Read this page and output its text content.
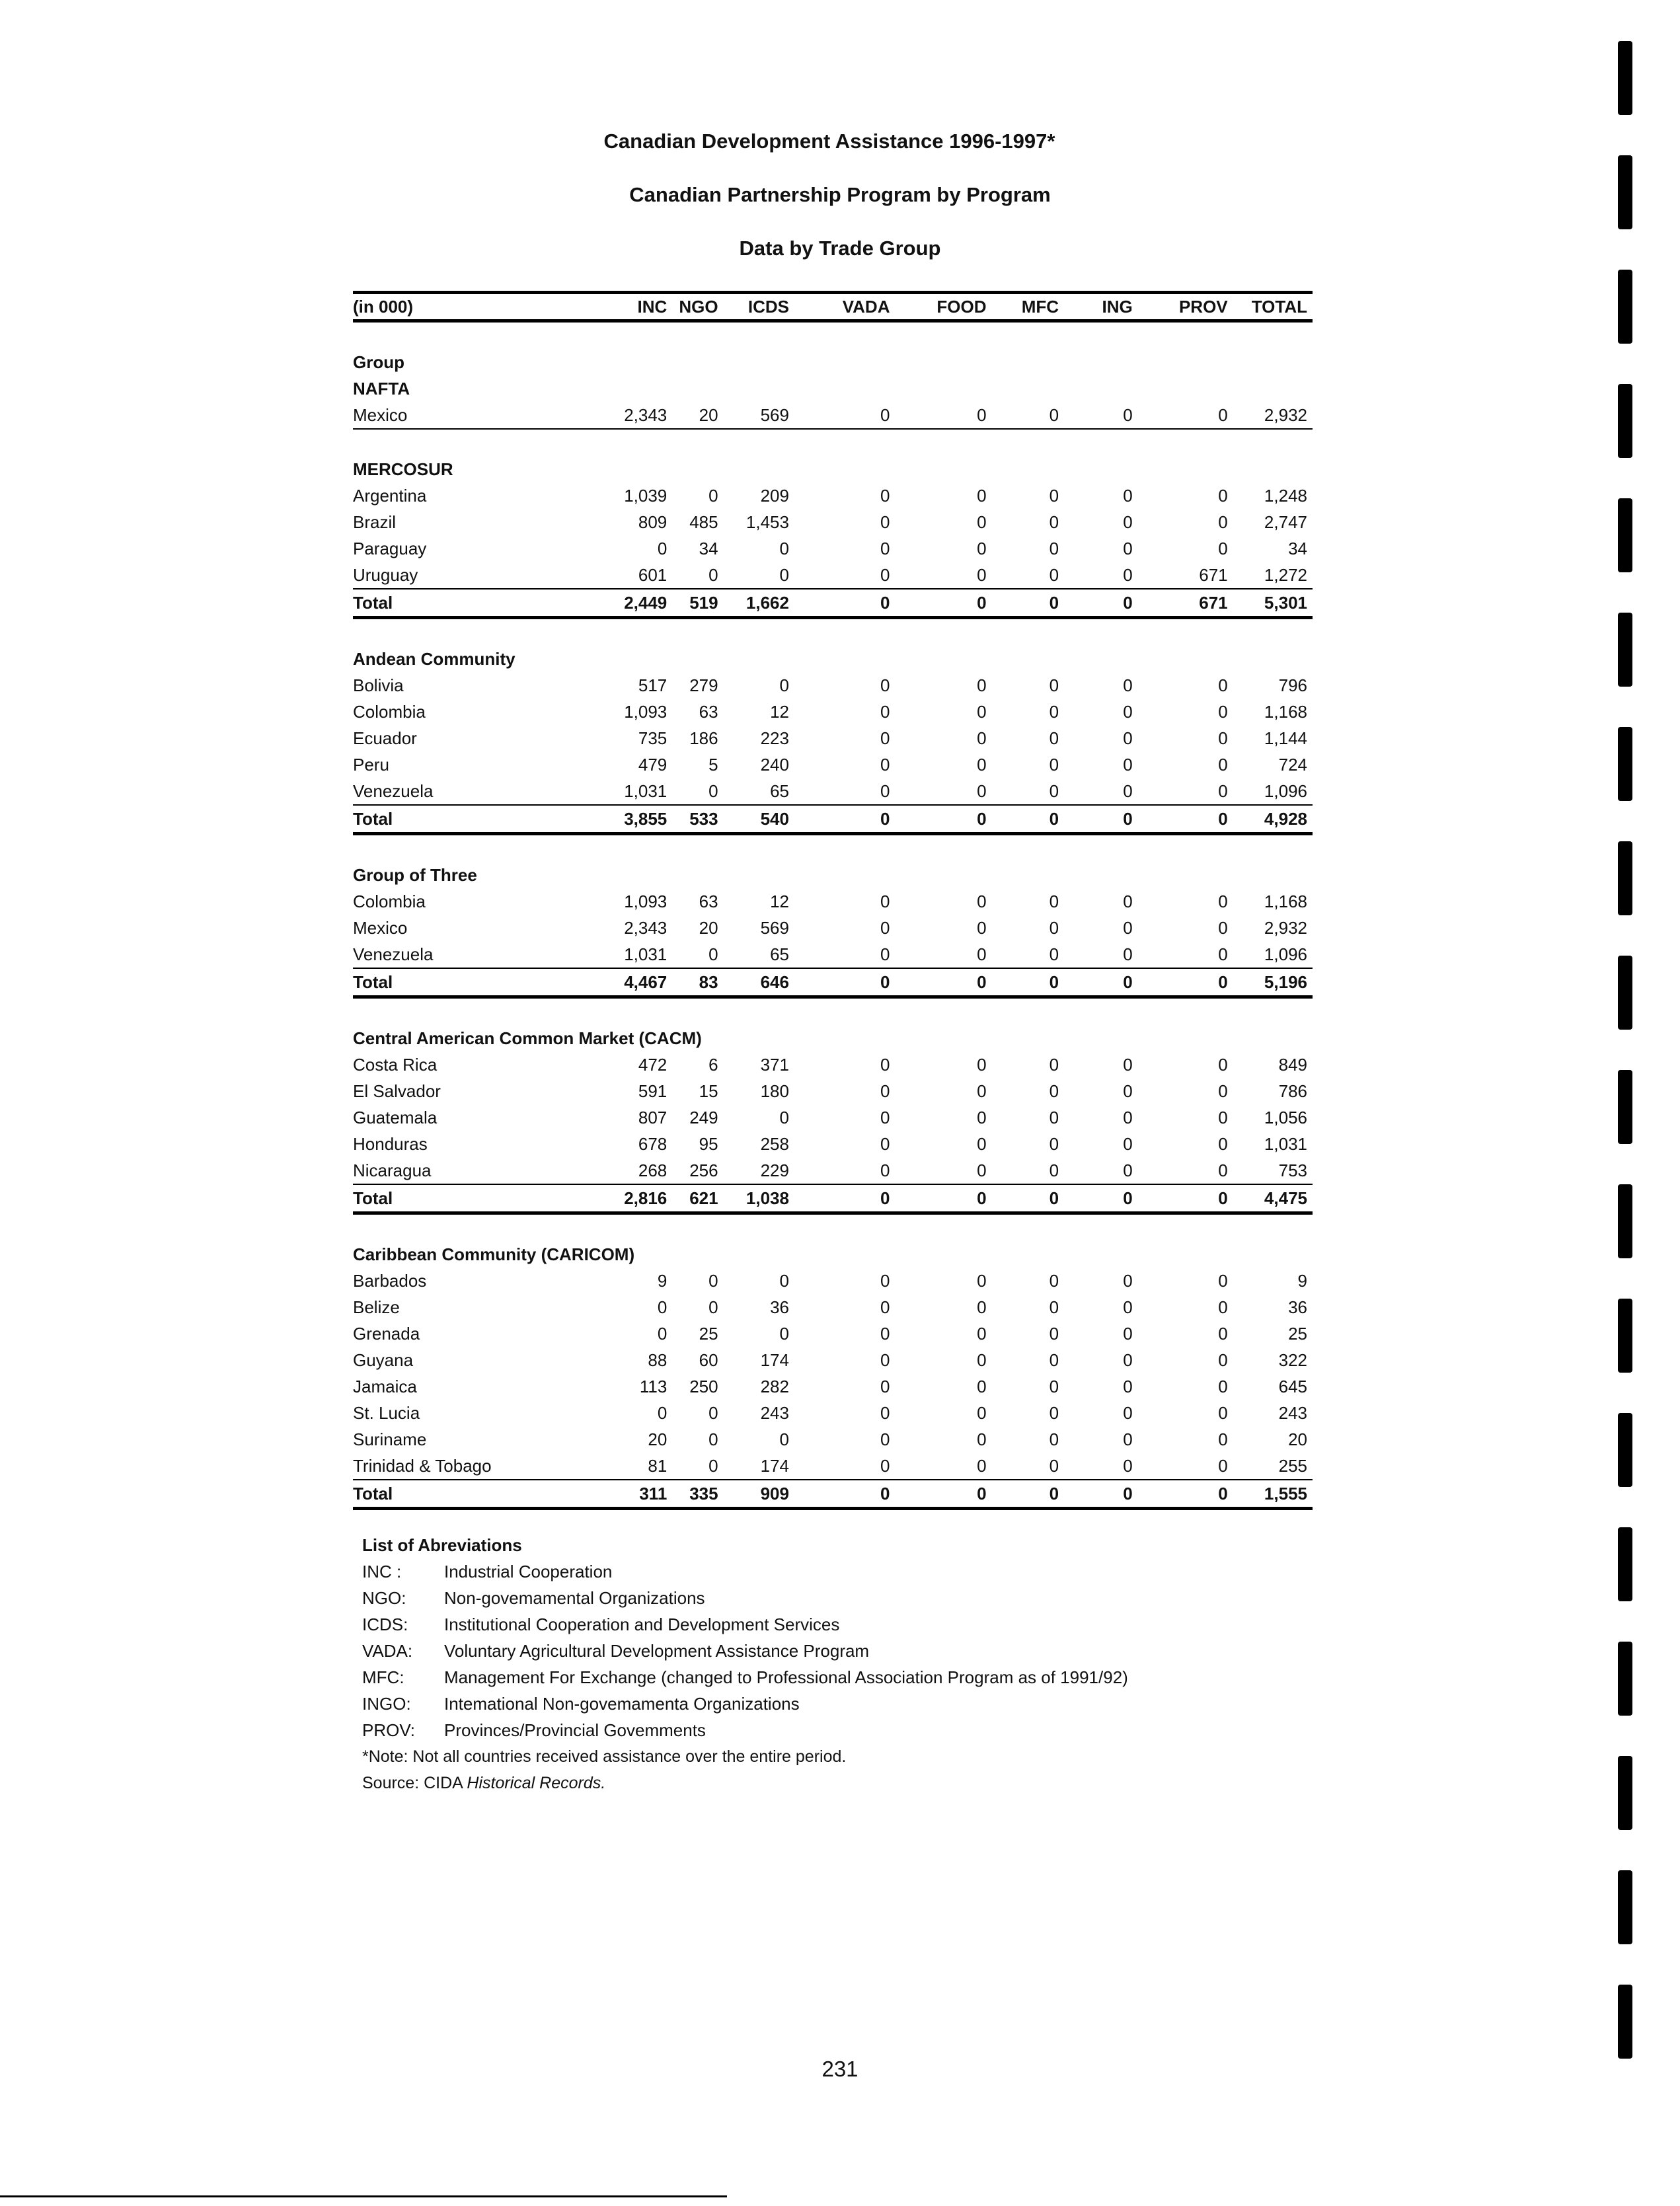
Canadian Development Assistance 1996-1997*
Canadian Partnership Program by Program
Data by Trade Group
(in 000)	INC	NGO	ICDS	VADA	FOOD	MFC	ING	PROV	TOTAL

Group									
NAFTA									
Mexico	2,343	20	569	0	0	0	0	0	2,932

MERCOSUR									
Argentina	1,039	0	209	0	0	0	0	0	1,248
Brazil	809	485	1,453	0	0	0	0	0	2,747
Paraguay	0	34	0	0	0	0	0	0	34
Uruguay	601	0	0	0	0	0	0	671	1,272
Total	2,449	519	1,662	0	0	0	0	671	5,301

Andean Community									
Bolivia	517	279	0	0	0	0	0	0	796
Colombia	1,093	63	12	0	0	0	0	0	1,168
Ecuador	735	186	223	0	0	0	0	0	1,144
Peru	479	5	240	0	0	0	0	0	724
Venezuela	1,031	0	65	0	0	0	0	0	1,096
Total	3,855	533	540	0	0	0	0	0	4,928

Group of Three									
Colombia	1,093	63	12	0	0	0	0	0	1,168
Mexico	2,343	20	569	0	0	0	0	0	2,932
Venezuela	1,031	0	65	0	0	0	0	0	1,096
Total	4,467	83	646	0	0	0	0	0	5,196

Central American Common Market (CACM)									
Costa Rica	472	6	371	0	0	0	0	0	849
El Salvador	591	15	180	0	0	0	0	0	786
Guatemala	807	249	0	0	0	0	0	0	1,056
Honduras	678	95	258	0	0	0	0	0	1,031
Nicaragua	268	256	229	0	0	0	0	0	753
Total	2,816	621	1,038	0	0	0	0	0	4,475

Caribbean Community (CARICOM)									
Barbados	9	0	0	0	0	0	0	0	9
Belize	0	0	36	0	0	0	0	0	36
Grenada	0	25	0	0	0	0	0	0	25
Guyana	88	60	174	0	0	0	0	0	322
Jamaica	113	250	282	0	0	0	0	0	645
St. Lucia	0	0	243	0	0	0	0	0	243
Suriname	20	0	0	0	0	0	0	0	20
Trinidad & Tobago	81	0	174	0	0	0	0	0	255
Total	311	335	909	0	0	0	0	0	1,555
List of Abreviations
INC :	Industrial Cooperation
NGO:	Non-govemamental Organizations
ICDS:	Institutional Cooperation and Development Services
VADA:	Voluntary Agricultural Development Assistance Program
MFC:	Management For Exchange (changed to Professional Association Program as of 1991/92)
INGO:	Intemational Non-govemamenta Organizations
PROV:	Provinces/Provincial Govemments
*Note: Not all countries received assistance over the entire period.
Source: CIDA Historical Records.
231
